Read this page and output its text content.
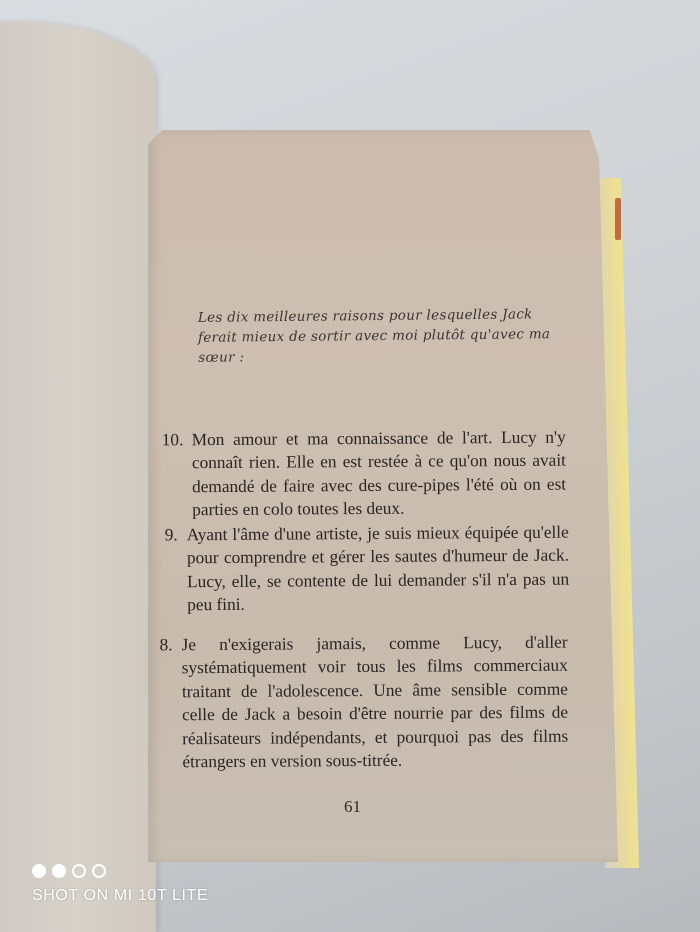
Les dix meilleures raisons pour lesquelles Jack ferait mieux de sortir avec moi plutôt qu'avec ma sœur :
10. Mon amour et ma connaissance de l'art. Lucy n'y connaît rien. Elle en est restée à ce qu'on nous avait demandé de faire avec des cure-pipes l'été où on est parties en colo toutes les deux.
9. Ayant l'âme d'une artiste, je suis mieux équipée qu'elle pour comprendre et gérer les sautes d'humeur de Jack. Lucy, elle, se contente de lui demander s'il n'a pas un peu fini.
8. Je n'exigerais jamais, comme Lucy, d'aller systématiquement voir tous les films commerciaux traitant de l'adolescence. Une âme sensible comme celle de Jack a besoin d'être nourrie par des films de réalisateurs indépendants, et pourquoi pas des films étrangers en version sous-titrée.
61
SHOT ON MI 10T LITE
